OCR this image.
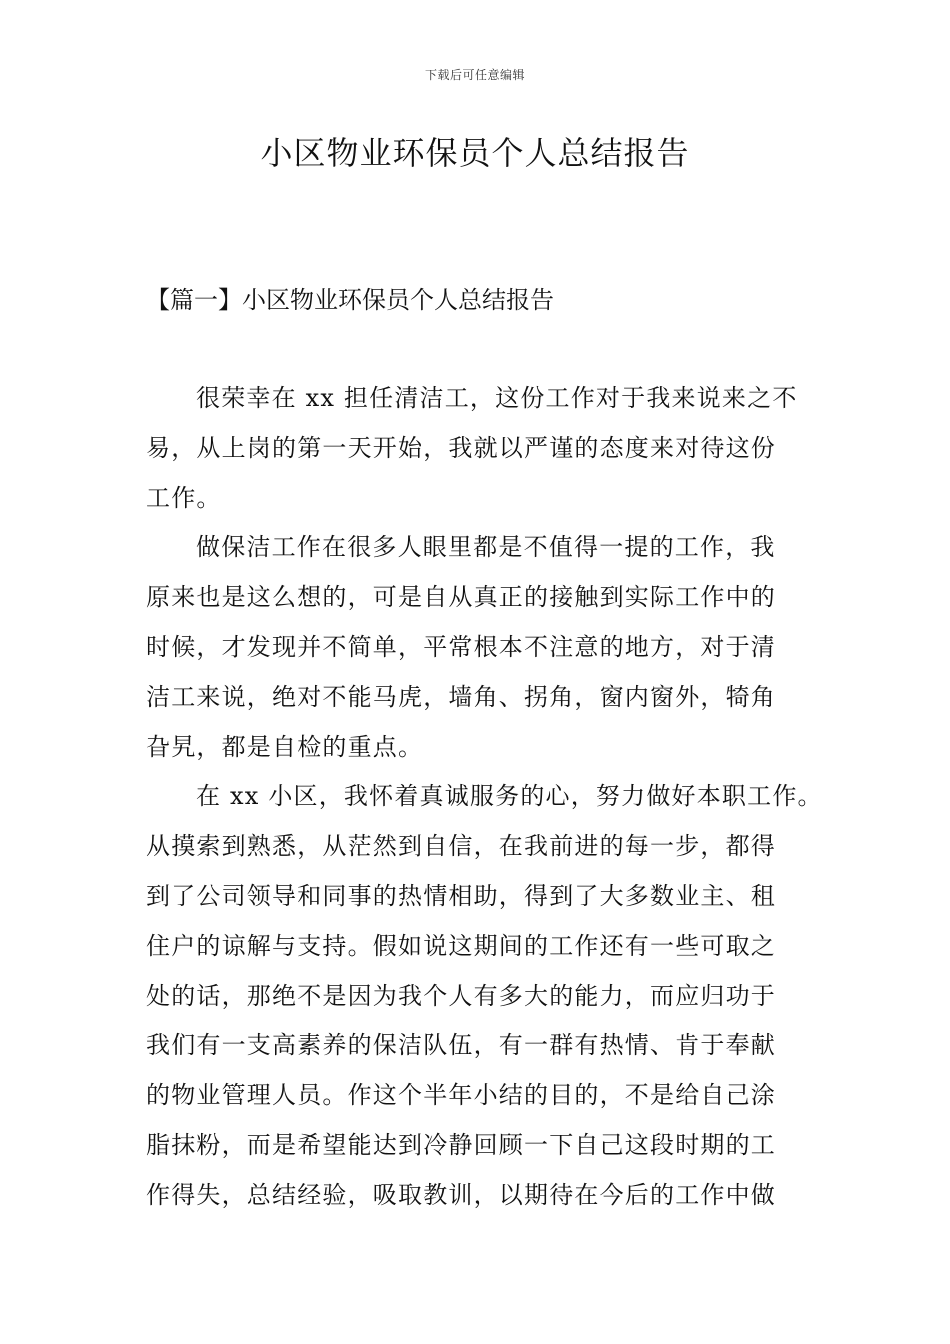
下载后可任意编辑
小区物业环保员个人总结报告
【篇一】小区物业环保员个人总结报告
很荣幸在 xx 担任清洁工，这份工作对于我来说来之不
易，从上岗的第一天开始，我就以严谨的态度来对待这份
工作。
做保洁工作在很多人眼里都是不值得一提的工作，我
原来也是这么想的，可是自从真正的接触到实际工作中的
时候，才发现并不简单，平常根本不注意的地方，对于清
洁工来说，绝对不能马虎，墙角、拐角，窗内窗外，犄角
旮旯，都是自检的重点。
在 xx 小区，我怀着真诚服务的心，努力做好本职工作。
从摸索到熟悉，从茫然到自信，在我前进的每一步，都得
到了公司领导和同事的热情相助，得到了大多数业主、租
住户的谅解与支持。假如说这期间的工作还有一些可取之
处的话，那绝不是因为我个人有多大的能力，而应归功于
我们有一支高素养的保洁队伍，有一群有热情、肯于奉献
的物业管理人员。作这个半年小结的目的，不是给自己涂
脂抹粉，而是希望能达到冷静回顾一下自己这段时期的工
作得失，总结经验，吸取教训，以期待在今后的工作中做
